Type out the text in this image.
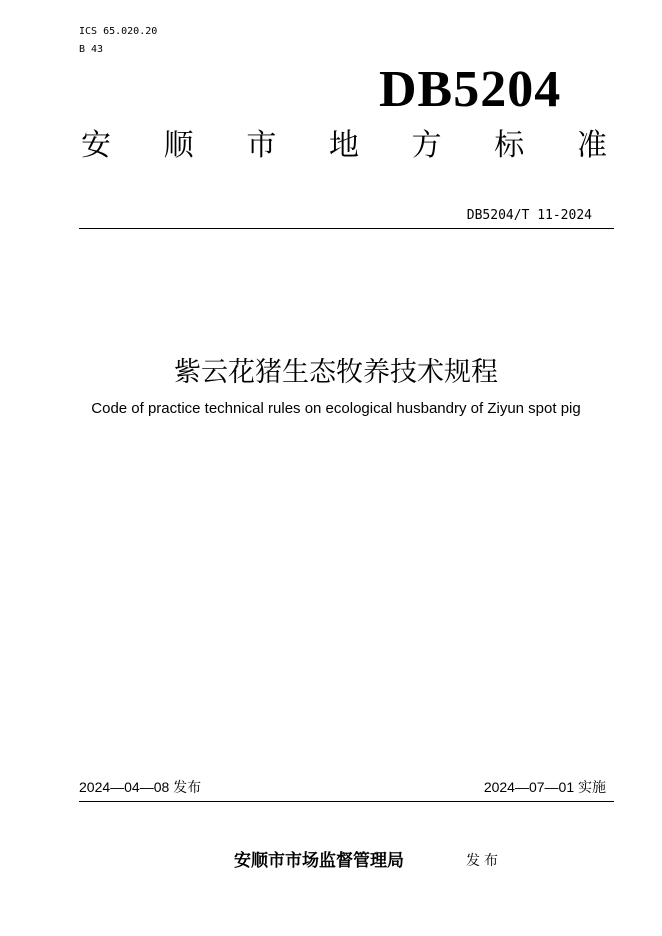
ICS 65.020.20
B 43
DB5204
安 顺 市 地 方 标 准
DB5204/T 11-2024
紫云花猪生态牧养技术规程
Code of practice technical rules on ecological husbandry of Ziyun spot pig
2024—04—08 发布	2024—07—01 实施
安顺市市场监督管理局	发布
